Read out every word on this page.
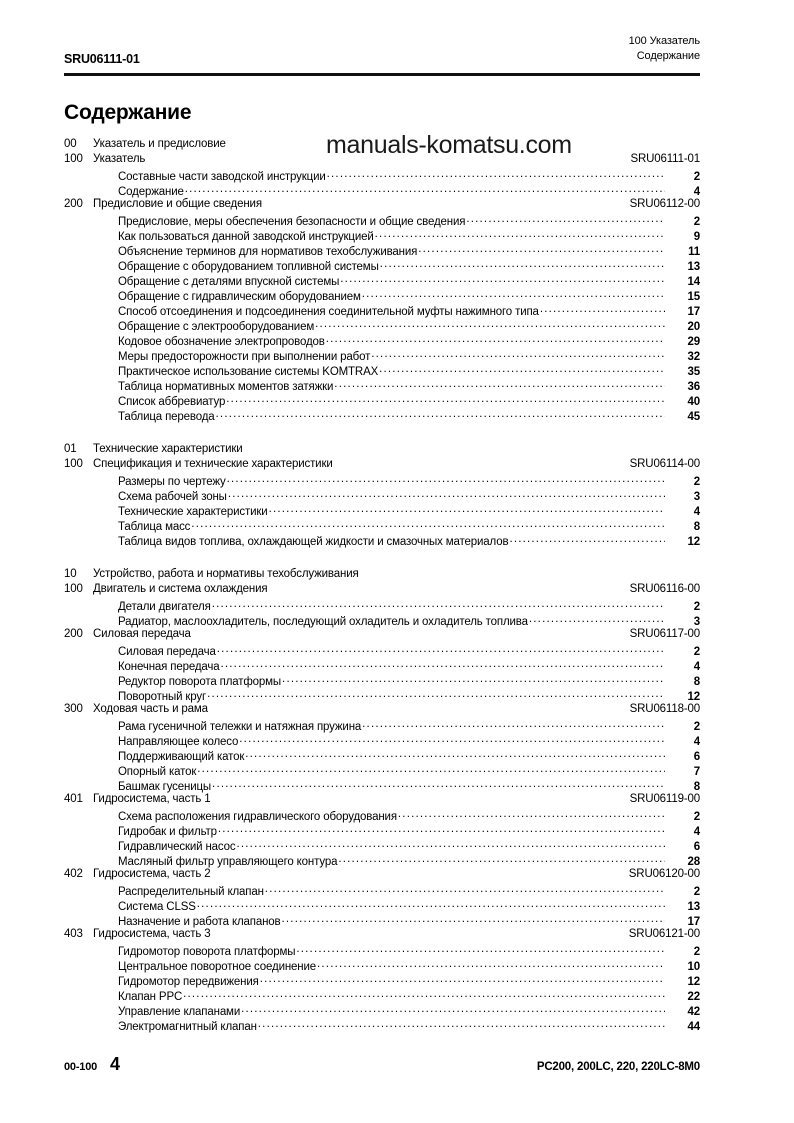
100 Указатель
Содержание
SRU06111-01
Содержание
manuals-komatsu.com
00	Указатель и предисловие
100 Указатель	SRU06111-01
Составные части заводской инструкции .....	2
Содержание .....	4
200 Предисловие и общие сведения	SRU06112-00
Предисловие, меры обеспечения безопасности и общие сведения .....	2
Как пользоваться данной заводской инструкцией .....	9
Объяснение терминов для нормативов техобслуживания .....	11
Обращение с оборудованием топливной системы .....	13
Обращение с деталями впускной системы .....	14
Обращение с гидравлическим оборудованием .....	15
Способ отсоединения и подсоединения соединительной муфты нажимного типа .....	17
Обращение с электрооборудованием .....	20
Кодовое обозначение электропроводов .....	29
Меры предосторожности при выполнении работ .....	32
Практическое использование системы KOMTRAX .....	35
Таблица нормативных моментов затяжки .....	36
Список аббревиатур .....	40
Таблица перевода .....	45
01	Технические характеристики
100 Спецификация и технические характеристики	SRU06114-00
Размеры по чертежу .....	2
Схема рабочей зоны .....	3
Технические характеристики .....	4
Таблица масс .....	8
Таблица видов топлива, охлаждающей жидкости и смазочных материалов .....	12
10	Устройство, работа и нормативы техобслуживания
100 Двигатель и система охлаждения	SRU06116-00
Детали двигателя .....	2
Радиатор, маслоохладитель, последующий охладитель и охладитель топлива .....	3
200 Силовая передача	SRU06117-00
Силовая передача .....	2
Конечная передача .....	4
Редуктор поворота платформы .....	8
Поворотный круг .....	12
300 Ходовая часть и рама	SRU06118-00
Рама гусеничной тележки и натяжная пружина .....	2
Направляющее колесо .....	4
Поддерживающий каток .....	6
Опорный каток .....	7
Башмак гусеницы .....	8
401 Гидросистема, часть 1	SRU06119-00
Схема расположения гидравлического оборудования .....	2
Гидробак и фильтр .....	4
Гидравлический насос .....	6
Масляный фильтр управляющего контура .....	28
402 Гидросистема, часть 2	SRU06120-00
Распределительный клапан .....	2
Система CLSS .....	13
Назначение и работа клапанов .....	17
403 Гидросистема, часть 3	SRU06121-00
Гидромотор поворота платформы .....	2
Центральное поворотное соединение .....	10
Гидромотор передвижения .....	12
Клапан PPC .....	22
Управление клапанами .....	42
Электромагнитный клапан .....	44
00-100 4	PC200, 200LC, 220, 220LC-8M0
